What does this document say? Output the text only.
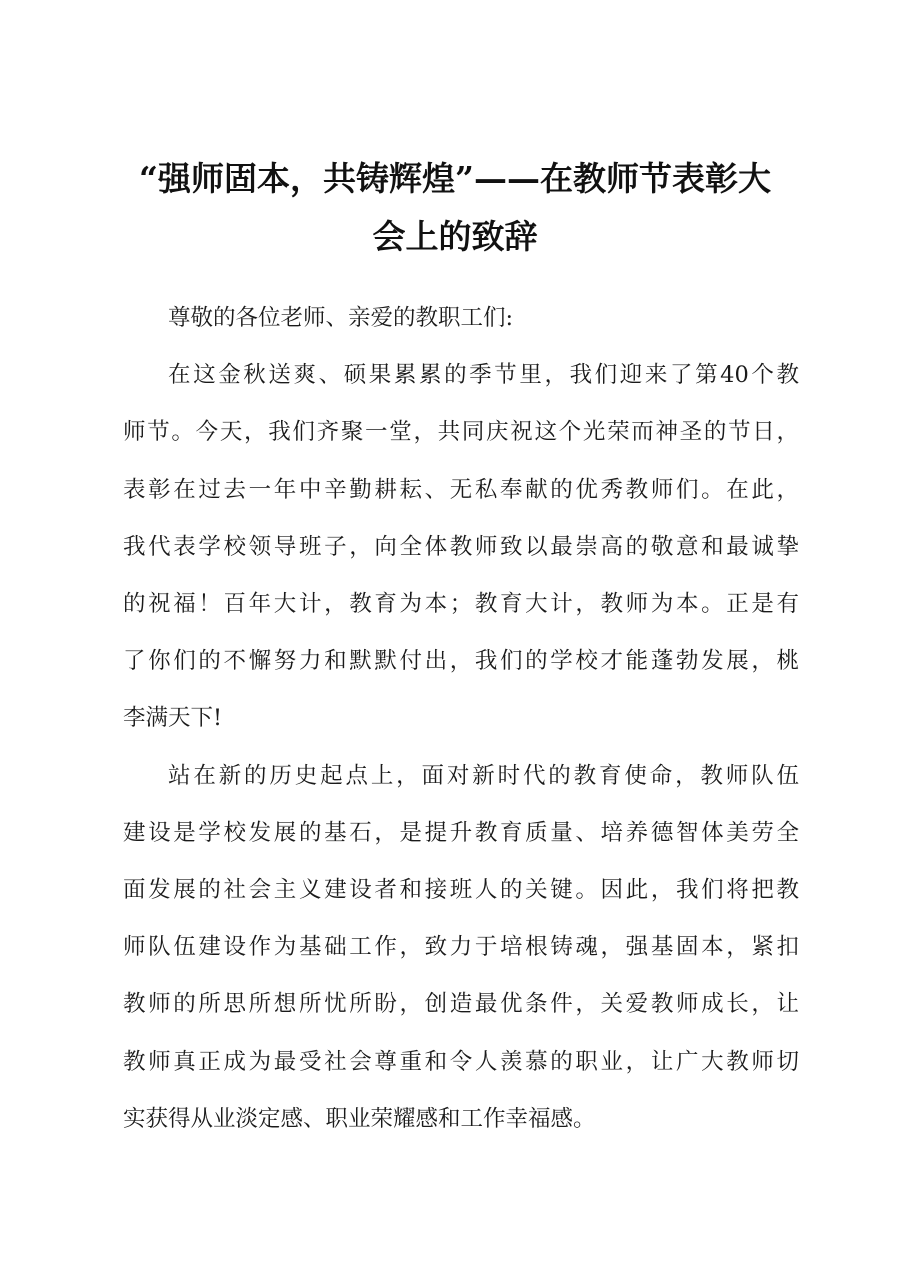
“强师固本，共铸辉煌”——在教师节表彰大
会上的致辞
尊敬的各位老师、亲爱的教职工们:
在这金秋送爽、硕果累累的季节里，我们迎来了第40个教
师节。今天，我们齐聚一堂，共同庆祝这个光荣而神圣的节日，
表彰在过去一年中辛勤耕耘、无私奉献的优秀教师们。在此，
我代表学校领导班子，向全体教师致以最崇高的敬意和最诚挚
的祝福！百年大计，教育为本；教育大计，教师为本。正是有
了你们的不懈努力和默默付出，我们的学校才能蓬勃发展，桃
李满天下!
站在新的历史起点上，面对新时代的教育使命，教师队伍
建设是学校发展的基石，是提升教育质量、培养德智体美劳全
面发展的社会主义建设者和接班人的关键。因此，我们将把教
师队伍建设作为基础工作，致力于培根铸魂，强基固本，紧扣
教师的所思所想所忧所盼，创造最优条件，关爱教师成长，让
教师真正成为最受社会尊重和令人羡慕的职业，让广大教师切
实获得从业淡定感、职业荣耀感和工作幸福感。
